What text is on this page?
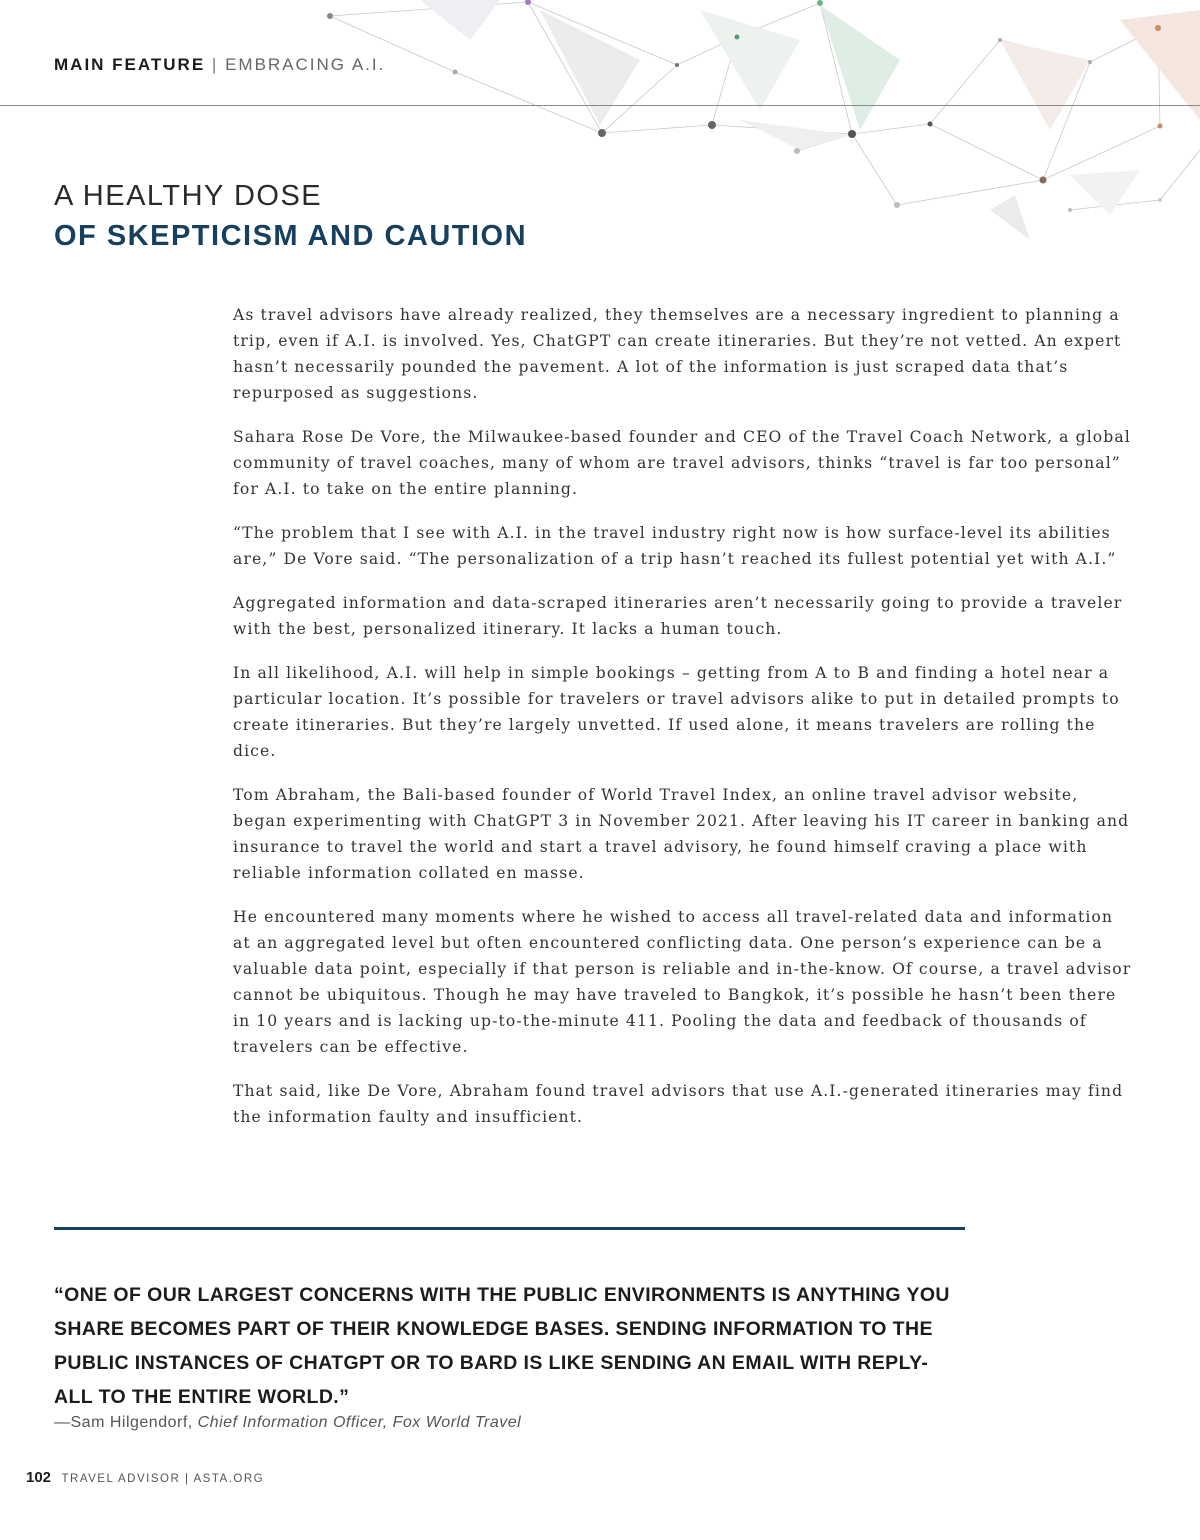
MAIN FEATURE | EMBRACING A.I.
A HEALTHY DOSE
OF SKEPTICISM AND CAUTION

As travel advisors have already realized, they themselves are a necessary ingredient to planning a trip, even if A.I. is involved. Yes, ChatGPT can create itineraries. But they’re not vetted. An expert hasn’t necessarily pounded the pavement. A lot of the information is just scraped data that’s repurposed as suggestions.

Sahara Rose De Vore, the Milwaukee-based founder and CEO of the Travel Coach Network, a global community of travel coaches, many of whom are travel advisors, thinks “travel is far too personal” for A.I. to take on the entire planning.

“The problem that I see with A.I. in the travel industry right now is how surface-level its abilities are,” De Vore said. “The personalization of a trip hasn’t reached its fullest potential yet with A.I.”

Aggregated information and data-scraped itineraries aren’t necessarily going to provide a traveler with the best, personalized itinerary. It lacks a human touch.

In all likelihood, A.I. will help in simple bookings – getting from A to B and finding a hotel near a particular location. It’s possible for travelers or travel advisors alike to put in detailed prompts to create itineraries. But they’re largely unvetted. If used alone, it means travelers are rolling the dice.

Tom Abraham, the Bali-based founder of World Travel Index, an online travel advisor website, began experimenting with ChatGPT 3 in November 2021. After leaving his IT career in banking and insurance to travel the world and start a travel advisory, he found himself craving a place with reliable information collated en masse.

He encountered many moments where he wished to access all travel-related data and information at an aggregated level but often encountered conflicting data. One person’s experience can be a valuable data point, especially if that person is reliable and in-the-know. Of course, a travel advisor cannot be ubiquitous. Though he may have traveled to Bangkok, it’s possible he hasn’t been there in 10 years and is lacking up-to-the-minute 411. Pooling the data and feedback of thousands of travelers can be effective.

That said, like De Vore, Abraham found travel advisors that use A.I.-generated itineraries may find the information faulty and insufficient.

“ONE OF OUR LARGEST CONCERNS WITH THE PUBLIC ENVIRONMENTS IS ANYTHING YOU SHARE BECOMES PART OF THEIR KNOWLEDGE BASES. SENDING INFORMATION TO THE PUBLIC INSTANCES OF CHATGPT OR TO BARD IS LIKE SENDING AN EMAIL WITH REPLY-ALL TO THE ENTIRE WORLD.”
—Sam Hilgendorf, Chief Information Officer, Fox World Travel
102 TRAVEL ADVISOR | ASTA.ORG
